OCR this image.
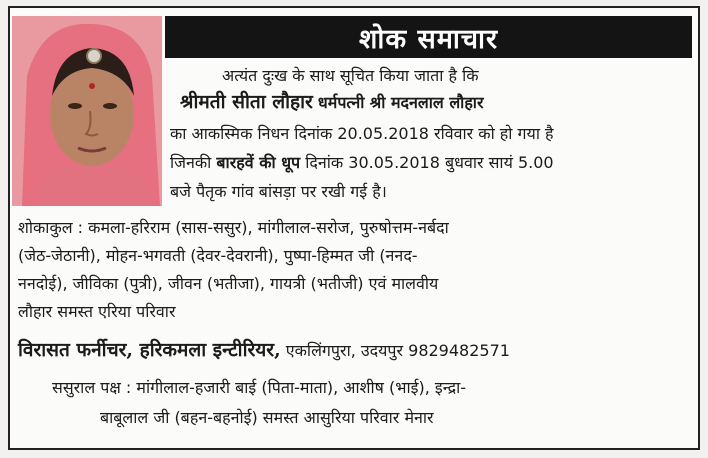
शोक समाचार
अत्यंत दुःख के साथ सूचित किया जाता है कि
श्रीमती सीता लौहार धर्मपत्नी श्री मदनलाल लौहार
का आकस्मिक निधन दिनांक 20.05.2018 रविवार को हो गया है
जिनकी बारहवें की धूप दिनांक 30.05.2018 बुधवार सायं 5.00
बजे पैतृक गांव बांसड़ा पर रखी गई है।
शोकाकुल : कमला-हरिराम (सास-ससुर), मांगीलाल-सरोज, पुरुषोत्तम-नर्बदा
(जेठ-जेठानी), मोहन-भगवती (देवर-देवरानी), पुष्पा-हिम्मत जी (ननद-
ननदोई), जीविका (पुत्री), जीवन (भतीजा), गायत्री (भतीजी) एवं मालवीय
लौहार समस्त एरिया परिवार
विरासत फर्नीचर, हरिकमला इन्टीरियर, एकलिंगपुरा, उदयपुर 9829482571
ससुराल पक्ष : मांगीलाल-हजारी बाई (पिता-माता), आशीष (भाई), इन्द्रा-
बाबूलाल जी (बहन-बहनोई) समस्त आसुरिया परिवार मेनार
